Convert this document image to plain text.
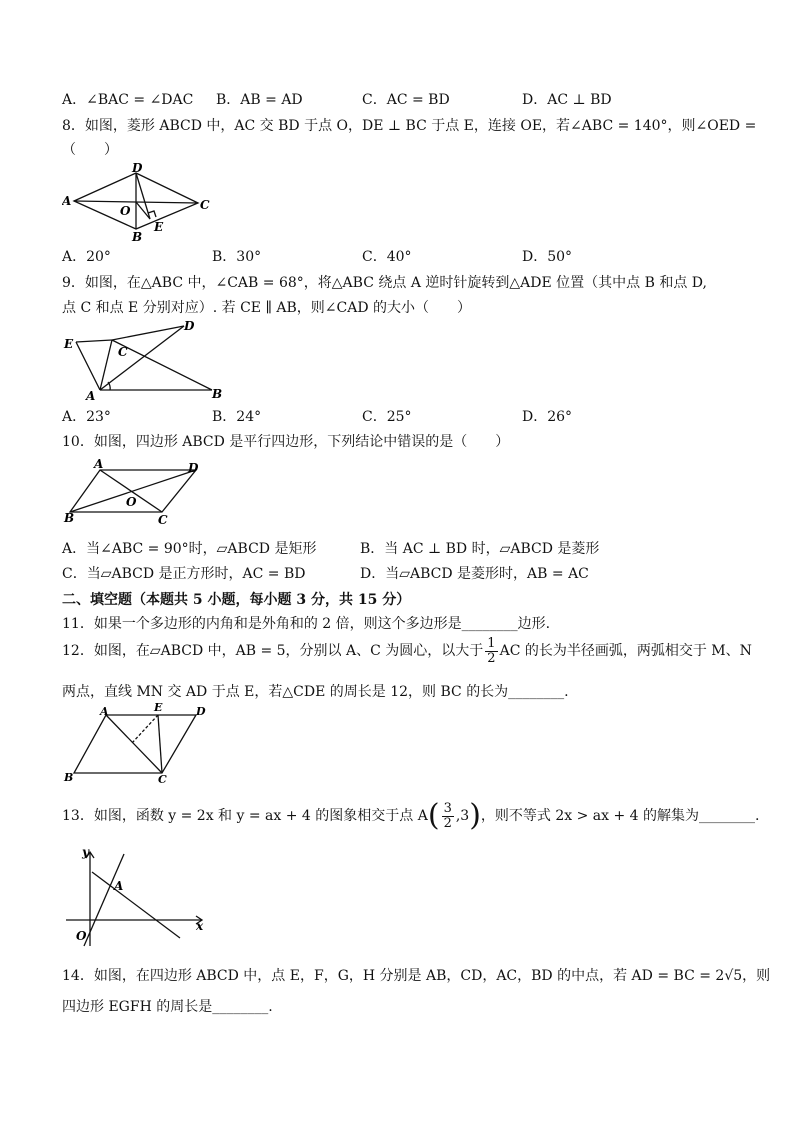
A．∠BAC = ∠DAC B．AB = AD	C．AC = BD	D．AC ⊥ BD
8．如图，菱形 ABCD 中，AC 交 BD 于点 O，DE ⊥ BC 于点 E，连接 OE，若∠ABC = 140°，则∠OED =
（　　）
A
D
C
B
O
E
A．20°	B．30°	C．40°	D．50°
9．如图，在△ABC 中，∠CAB = 68°，将△ABC 绕点 A 逆时针旋转到△ADE 位置（其中点 B 和点 D,
点 C 和点 E 分别对应）. 若 CE ∥ AB，则∠CAD 的大小（　　）
E
D
C
A	B
A．23°	B．24°	C．25°	D．26°
10．如图，四边形 ABCD 是平行四边形，下列结论中错误的是（　　）
A	D
O
B	C
A．当∠ABC = 90°时，▱ABCD 是矩形	B．当 AC ⊥ BD 时，▱ABCD 是菱形
C．当▱ABCD 是正方形时，AC = BD	D．当▱ABCD 是菱形时，AB = AC
二、填空题（本题共 5 小题，每小题 3 分，共 15 分）
11．如果一个多边形的内角和是外角和的 2 倍，则这个多边形是________边形.
12．如图，在▱ABCD 中，AB = 5，分别以 A、C 为圆心，以大于 $\frac{1}{2}$ AC 的长为半径画弧，两弧相交于 M、N
两点，直线 MN 交 AD 于点 E，若△CDE 的周长是 12，则 BC 的长为________.
A	E	D
B	C
13．如图，函数 y = 2x 和 y = ax + 4 的图象相交于点 A ( $\frac{3}{2} ,3$ ) ，则不等式 2x > ax + 4 的解集为________.
y
x
O
A
14．如图，在四边形 ABCD 中，点 E，F，G，H 分别是 AB，CD，AC，BD 的中点，若 AD = BC = 2√5，则
四边形 EGFH 的周长是________.
